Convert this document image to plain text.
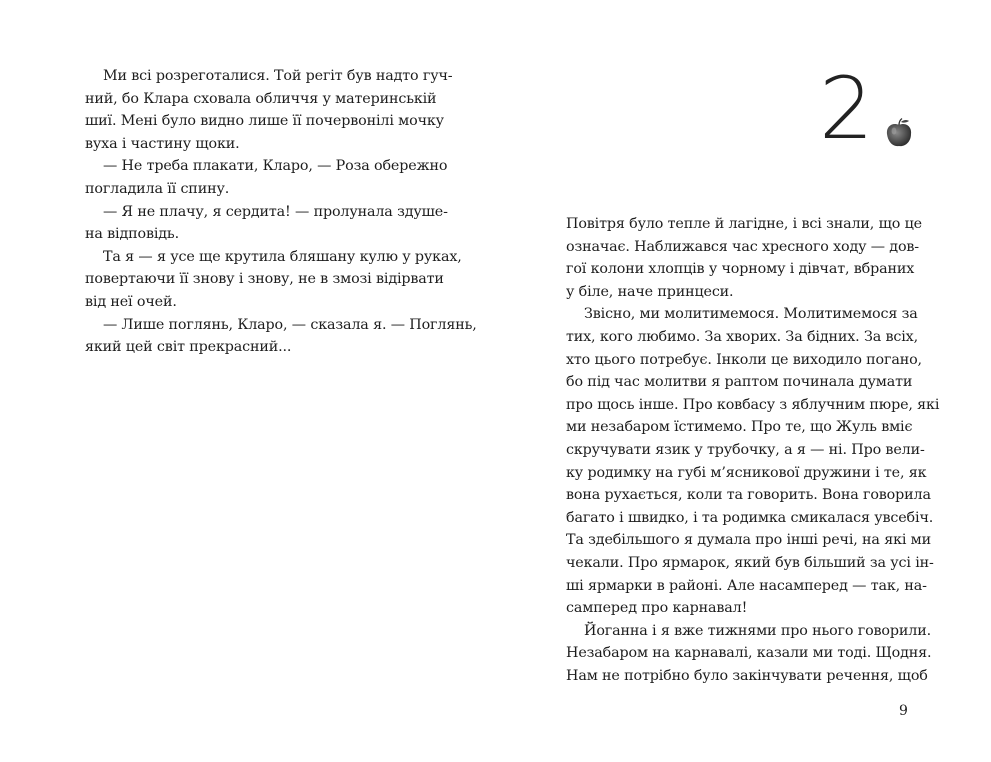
Ми всі розреготалися. Той регіт був надто гуч-
ний, бо Клара сховала обличчя у материнській
шиї. Мені було видно лише її почервонілі мочку
вуха і частину щоки.
— Не треба плакати, Кларо, — Роза обережно
погладила її спину.
— Я не плачу, я сердита! — пролунала здуше-
на відповідь.
Та я — я усе ще крутила бляшану кулю у руках,
повертаючи її знову і знову, не в змозі відірвати
від неї очей.
— Лише поглянь, Кларо, — сказала я. — Поглянь,
який цей світ прекрасний...
2
Повітря було тепле й лагідне, і всі знали, що це
означає. Наближався час хресного ходу — дов-
гої колони хлопців у чорному і дівчат, вбраних
у біле, наче принцеси.
Звісно, ми молитимемося. Молитимемося за
тих, кого любимо. За хворих. За бідних. За всіх,
хто цього потребує. Інколи це виходило погано,
бо під час молитви я раптом починала думати
про щось інше. Про ковбасу з яблучним пюре, які
ми незабаром їстимемо. Про те, що Жуль вміє
скручувати язик у трубочку, а я — ні. Про вели-
ку родимку на губі м’ясникової дружини і те, як
вона рухається, коли та говорить. Вона говорила
багато і швидко, і та родимка смикалася увсебіч.
Та здебільшого я думала про інші речі, на які ми
чекали. Про ярмарок, який був більший за усі ін-
ші ярмарки в районі. Але насамперед — так, на-
самперед про карнавал!
Йоганна і я вже тижнями про нього говорили.
Незабаром на карнавалі, казали ми тоді. Щодня.
Нам не потрібно було закінчувати речення, щоб
9
